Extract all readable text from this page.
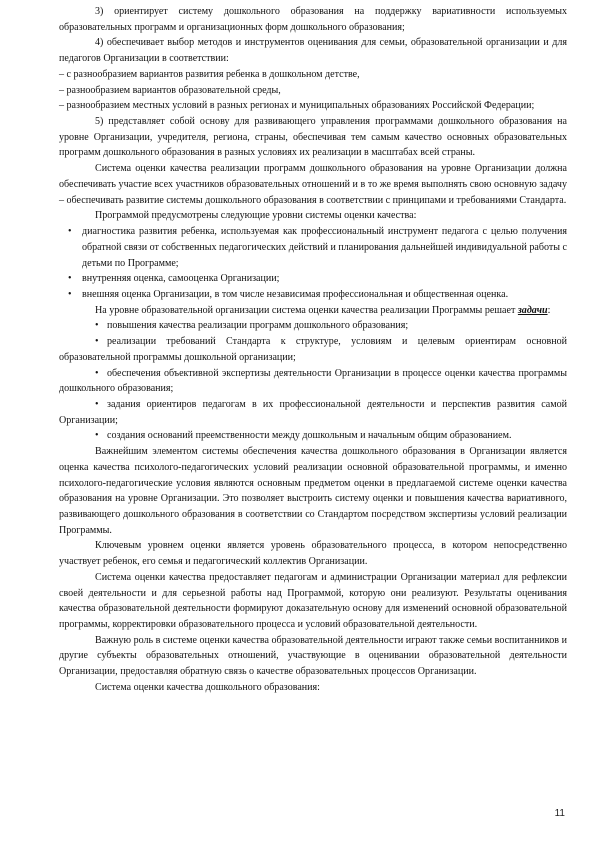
3) ориентирует систему дошкольного образования на поддержку вариативности используемых образовательных программ и организационных форм дошкольного образования;

4) обеспечивает выбор методов и инструментов оценивания для семьи, образовательной организации и для педагогов Организации в соответствии:

– с разнообразием вариантов развития ребенка в дошкольном детстве,

– разнообразием вариантов образовательной среды,

– разнообразием местных условий в разных регионах и муниципальных образованиях Российской Федерации;

5) представляет собой основу для развивающего управления программами дошкольного образования на уровне Организации, учредителя, региона, страны, обеспечивая тем самым качество основных образовательных программ дошкольного образования в разных условиях их реализации в масштабах всей страны.

Система оценки качества реализации программ дошкольного образования на уровне Организации должна обеспечивать участие всех участников образовательных отношений и в то же время выполнять свою основную задачу – обеспечивать развитие системы дошкольного образования в соответствии с принципами и требованиями Стандарта.

Программой предусмотрены следующие уровни системы оценки качества:

• диагностика развития ребенка, используемая как профессиональный инструмент педагога с целью получения обратной связи от собственных педагогических действий и планирования дальнейшей индивидуальной работы с детьми по Программе;

• внутренняя оценка, самооценка Организации;

• внешняя оценка Организации, в том числе независимая профессиональная и общественная оценка.

На уровне образовательной организации система оценки качества реализации Программы решает задачи:

• повышения качества реализации программ дошкольного образования;

• реализации требований Стандарта к структуре, условиям и целевым ориентирам основной образовательной программы дошкольной организации;

• обеспечения объективной экспертизы деятельности Организации в процессе оценки качества программы дошкольного образования;

• задания ориентиров педагогам в их профессиональной деятельности и перспектив развития самой Организации;

• создания оснований преемственности между дошкольным и начальным общим образованием.

Важнейшим элементом системы обеспечения качества дошкольного образования в Организации является оценка качества психолого-педагогических условий реализации основной образовательной программы, и именно психолого-педагогические условия являются основным предметом оценки в предлагаемой системе оценки качества образования на уровне Организации. Это позволяет выстроить систему оценки и повышения качества вариативного, развивающего дошкольного образования в соответствии со Стандартом посредством экспертизы условий реализации Программы.

Ключевым уровнем оценки является уровень образовательного процесса, в котором непосредственно участвует ребенок, его семья и педагогический коллектив Организации.

Система оценки качества предоставляет педагогам и администрации Организации материал для рефлексии своей деятельности и для серьезной работы над Программой, которую они реализуют. Результаты оценивания качества образовательной деятельности формируют доказательную основу для изменений основной образовательной программы, корректировки образовательного процесса и условий образовательной деятельности.

Важную роль в системе оценки качества образовательной деятельности играют также семьи воспитанников и другие субъекты образовательных отношений, участвующие в оценивании образовательной деятельности Организации, предоставляя обратную связь о качестве образовательных процессов Организации.

Система оценки качества дошкольного образования:

11
